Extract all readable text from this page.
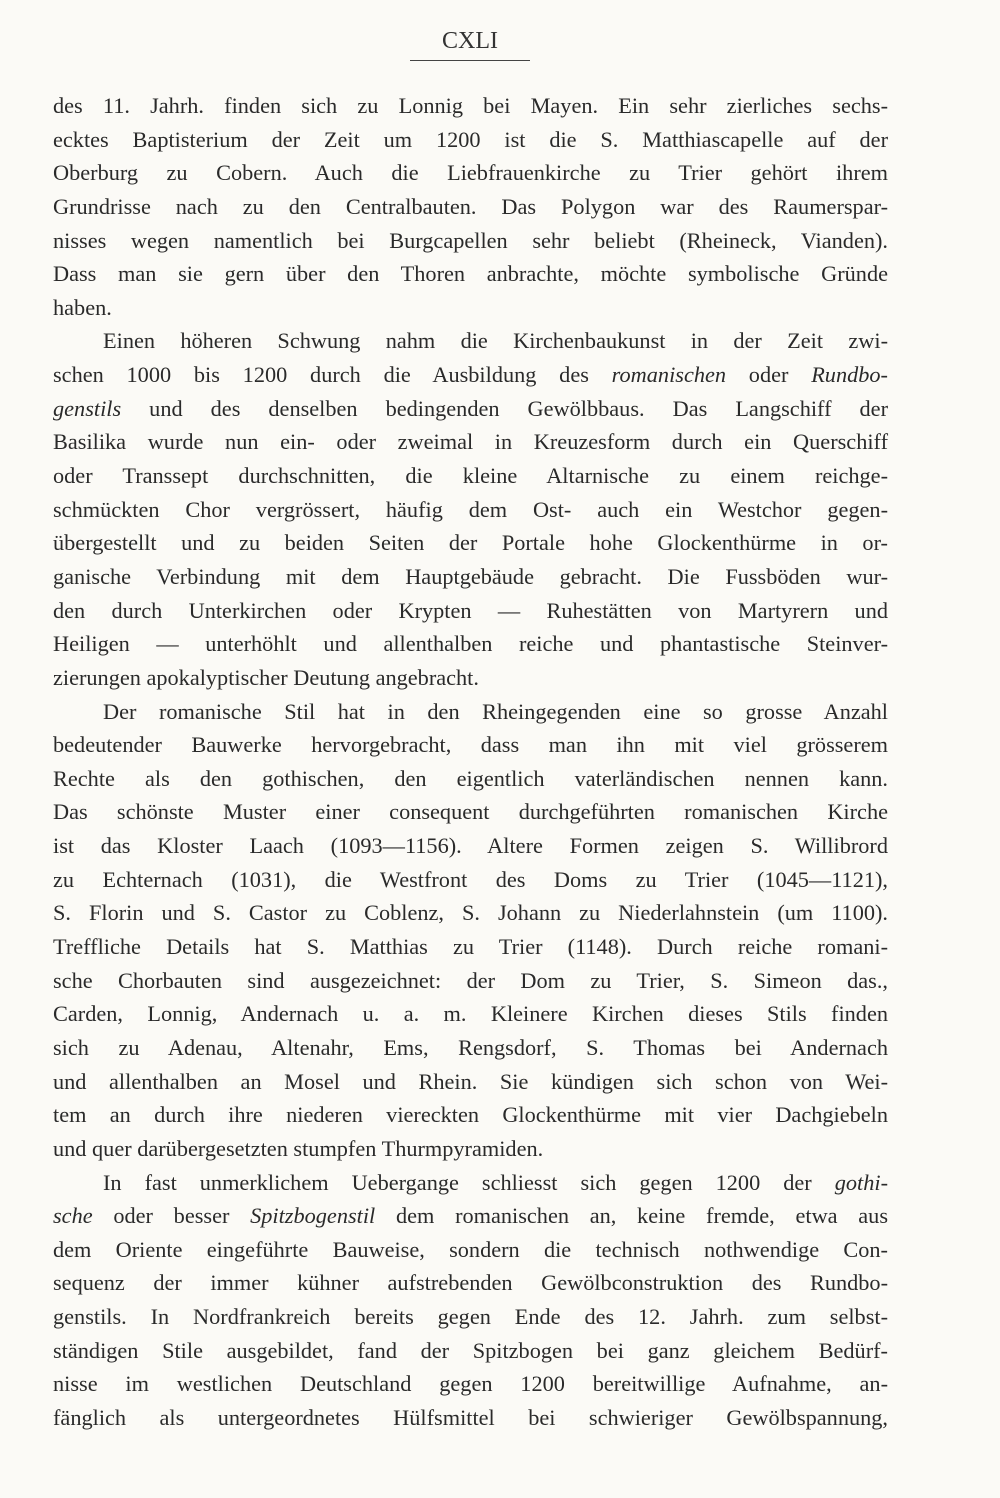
CXLI
des 11. Jahrh. finden sich zu Lonnig bei Mayen. Ein sehr zierliches sechs-
ecktes Baptisterium der Zeit um 1200 ist die S. Matthiascapelle auf der
Oberburg zu Cobern. Auch die Liebfrauenkirche zu Trier gehört ihrem
Grundrisse nach zu den Centralbauten. Das Polygon war des Raumerspar-
nisses wegen namentlich bei Burgcapellen sehr beliebt (Rheineck, Vianden).
Dass man sie gern über den Thoren anbrachte, möchte symbolische Gründe
haben.
Einen höheren Schwung nahm die Kirchenbaukunst in der Zeit zwi-
schen 1000 bis 1200 durch die Ausbildung des romanischen oder Rundbo-
genstils und des denselben bedingenden Gewölbbaus. Das Langschiff der
Basilika wurde nun ein- oder zweimal in Kreuzesform durch ein Querschiff
oder Transsept durchschnitten, die kleine Altarnische zu einem reichge-
schmückten Chor vergrössert, häufig dem Ost- auch ein Westchor gegen-
übergestellt und zu beiden Seiten der Portale hohe Glockenthürme in or-
ganische Verbindung mit dem Hauptgebäude gebracht. Die Fussböden wur-
den durch Unterkirchen oder Krypten — Ruhestätten von Martyrern und
Heiligen — unterhöhlt und allenthalben reiche und phantastische Steinver-
zierungen apokalyptischer Deutung angebracht.
Der romanische Stil hat in den Rheingegenden eine so grosse Anzahl
bedeutender Bauwerke hervorgebracht, dass man ihn mit viel grösserem
Rechte als den gothischen, den eigentlich vaterländischen nennen kann.
Das schönste Muster einer consequent durchgeführten romanischen Kirche
ist das Kloster Laach (1093—1156). Altere Formen zeigen S. Willibrord
zu Echternach (1031), die Westfront des Doms zu Trier (1045—1121),
S. Florin und S. Castor zu Coblenz, S. Johann zu Niederlahnstein (um 1100).
Treffliche Details hat S. Matthias zu Trier (1148). Durch reiche romani-
sche Chorbauten sind ausgezeichnet: der Dom zu Trier, S. Simeon das.,
Carden, Lonnig, Andernach u. a. m. Kleinere Kirchen dieses Stils finden
sich zu Adenau, Altenahr, Ems, Rengsdorf, S. Thomas bei Andernach
und allenthalben an Mosel und Rhein. Sie kündigen sich schon von Wei-
tem an durch ihre niederen viereckten Glockenthürme mit vier Dachgiebeln
und quer darübergesetzten stumpfen Thurmpyramiden.
In fast unmerklichem Uebergange schliesst sich gegen 1200 der gothi-
sche oder besser Spitzbogenstil dem romanischen an, keine fremde, etwa aus
dem Oriente eingeführte Bauweise, sondern die technisch nothwendige Con-
sequenz der immer kühner aufstrebenden Gewölbconstruktion des Rundbo-
genstils. In Nordfrankreich bereits gegen Ende des 12. Jahrh. zum selbst-
ständigen Stile ausgebildet, fand der Spitzbogen bei ganz gleichem Bedürf-
nisse im westlichen Deutschland gegen 1200 bereitwillige Aufnahme, an-
fänglich als untergeordnetes Hülfsmittel bei schwieriger Gewölbspannung,
